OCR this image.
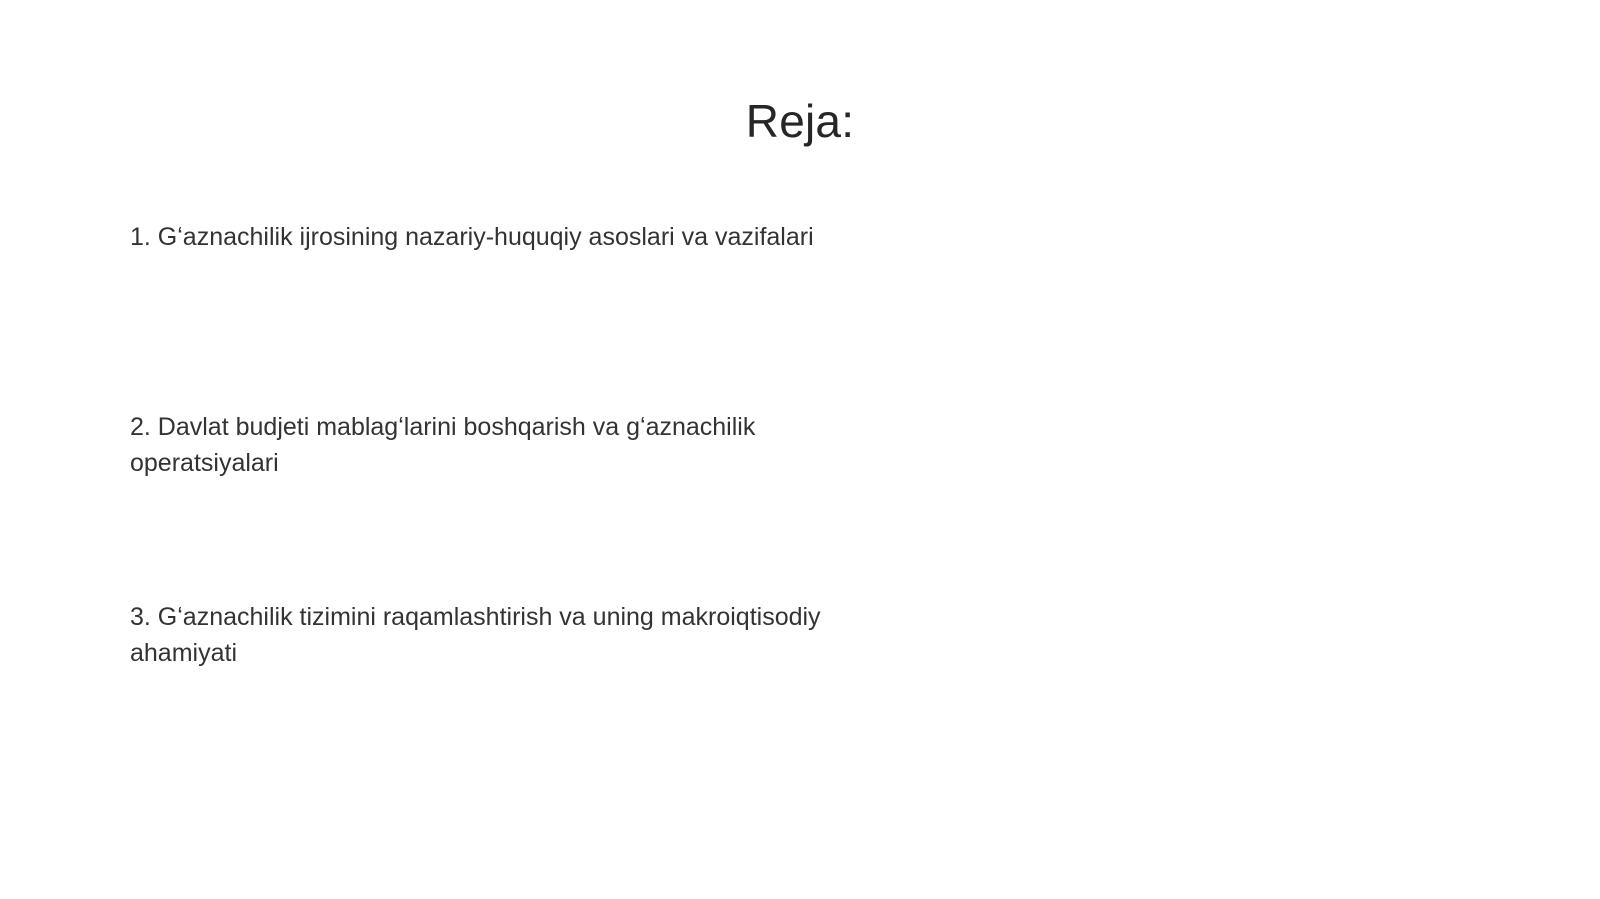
Reja:
1. Gʻaznachilik ijrosining nazariy-huquqiy asoslari va vazifalari
2. Davlat budjeti mablagʻlarini boshqarish va gʻaznachilik operatsiyalari
3. Gʻaznachilik tizimini raqamlashtirish va uning makroiqtisodiy ahamiyati
